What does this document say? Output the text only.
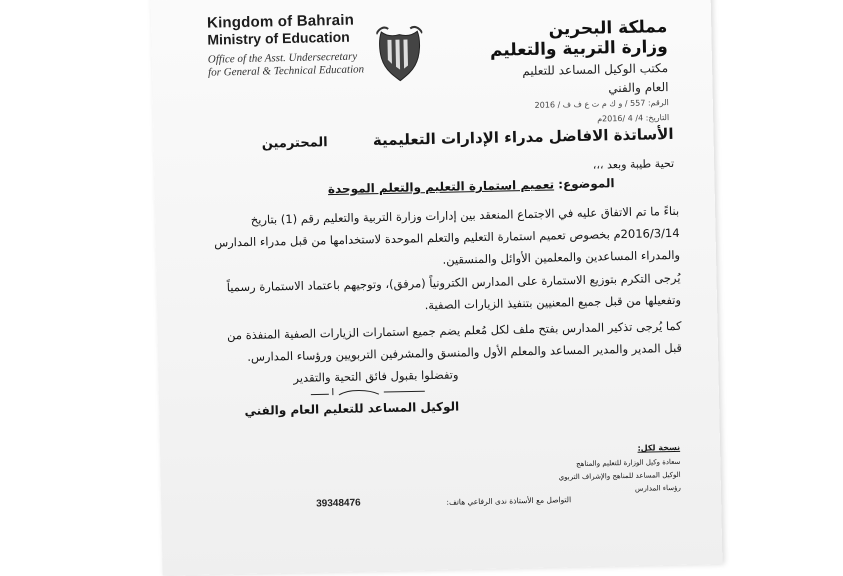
Kingdom of Bahrain
Ministry of Education
Office of the Asst. Undersecretary
for General & Technical Education
مملكة البحرين
وزارة التربية والتعليم
مكتب الوكيل المساعد للتعليم
العام والفني
الرقم: 557 / و ك م ت ع ف ف / 2016
التاريخ: 4/ 4 /2016م
الأساتذة الافاضل مدراء الإدارات التعليمية المحترمين
تحية طيبة وبعد ،،،
الموضوع: تعميم استمارة التعليم والتعلم الموحدة
بناءً ما تم الاتفاق عليه في الاجتماع المنعقد بين إدارات وزارة التربية والتعليم رقم (1) بتاريخ 2016/3/14م بخصوص تعميم استمارة التعليم والتعلم الموحدة لاستخدامها من قبل مدراء المدارس والمدراء المساعدين والمعلمين الأوائل والمنسقين.
يُرجى التكرم بتوزيع الاستمارة على المدارس الكترونياً (مرفق)، وتوجيهم باعتماد الاستمارة رسمياً وتفعيلها من قبل جميع المعنيين بتنفيذ الزيارات الصفية.
كما يُرجى تذكير المدارس بفتح ملف لكل مُعلم يضم جميع استمارات الزيارات الصفية المنفذة من قبل المدير والمدير المساعد والمعلم الأول والمنسق والمشرفين التربويين ورؤساء المدارس.
وتفضلوا بقبول فائق التحية والتقدير
الوكيل المساعد للتعليم العام والفني
نسخة لكل:
سعادة وكيل الوزارة للتعليم والمناهج
الوكيل المساعد للمناهج والإشراف التربوي
رؤساء المدارس
التواصل مع الأستاذة ندى الرفاعي هاتف:
39348476
